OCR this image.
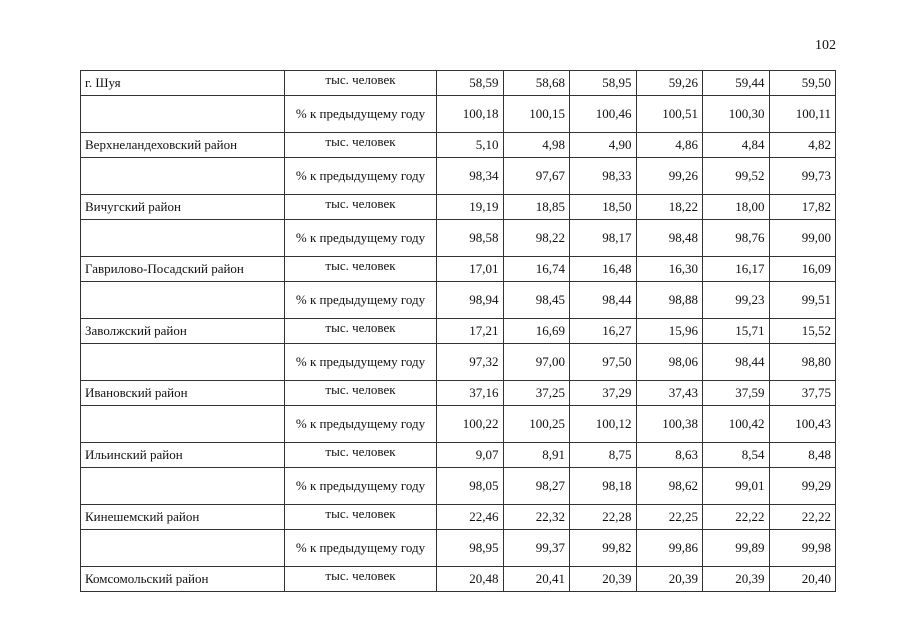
102
г. Шуя	тыс. человек	58,59	58,68	58,95	59,26	59,44	59,50
	% к предыдущему году	100,18	100,15	100,46	100,51	100,30	100,11
Верхнеландеховский район	тыс. человек	5,10	4,98	4,90	4,86	4,84	4,82
	% к предыдущему году	98,34	97,67	98,33	99,26	99,52	99,73
Вичугский район	тыс. человек	19,19	18,85	18,50	18,22	18,00	17,82
	% к предыдущему году	98,58	98,22	98,17	98,48	98,76	99,00
Гаврилово-Посадский район	тыс. человек	17,01	16,74	16,48	16,30	16,17	16,09
	% к предыдущему году	98,94	98,45	98,44	98,88	99,23	99,51
Заволжский район	тыс. человек	17,21	16,69	16,27	15,96	15,71	15,52
	% к предыдущему году	97,32	97,00	97,50	98,06	98,44	98,80
Ивановский район	тыс. человек	37,16	37,25	37,29	37,43	37,59	37,75
	% к предыдущему году	100,22	100,25	100,12	100,38	100,42	100,43
Ильинский район	тыс. человек	9,07	8,91	8,75	8,63	8,54	8,48
	% к предыдущему году	98,05	98,27	98,18	98,62	99,01	99,29
Кинешемский район	тыс. человек	22,46	22,32	22,28	22,25	22,22	22,22
	% к предыдущему году	98,95	99,37	99,82	99,86	99,89	99,98
Комсомольский район	тыс. человек	20,48	20,41	20,39	20,39	20,39	20,40
